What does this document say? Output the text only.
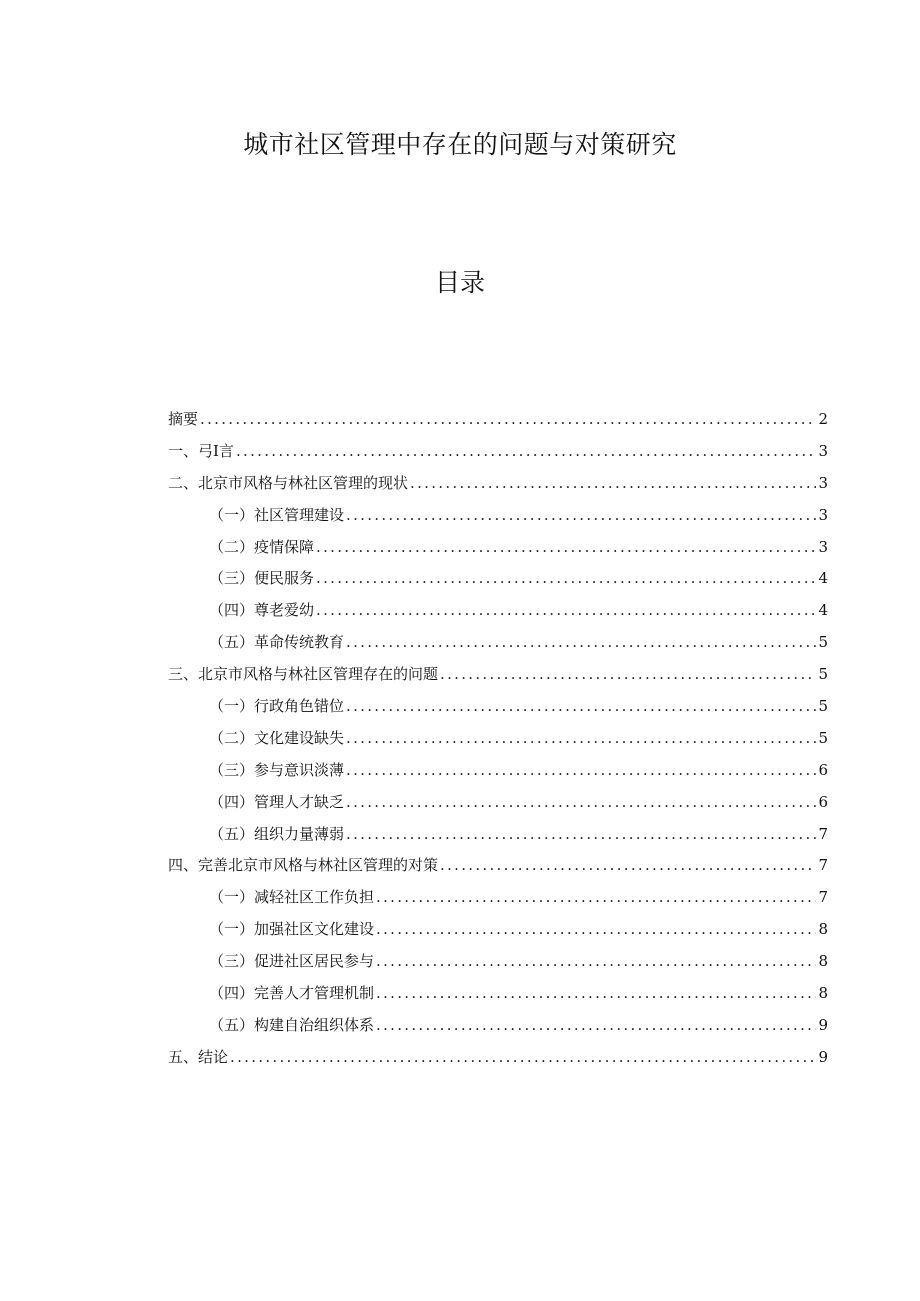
城市社区管理中存在的问题与对策研究
目录
摘要 .....	2
一、弓I言 .....	3
二、北京市风格与林社区管理的现状 .....	3
（一）社区管理建设 .....	3
（二）疫情保障 .....	3
（三）便民服务 .....	4
（四）尊老爱幼 .....	4
（五）革命传统教育 .....	5
三、北京市风格与林社区管理存在的问题 .....	5
（一）行政角色错位 .....	5
（二）文化建设缺失 .....	5
（三）参与意识淡薄 .....	6
（四）管理人才缺乏 .....	6
（五）组织力量薄弱 .....	7
四、完善北京市风格与林社区管理的对策 .....	7
（一）减轻社区工作负担 .....	7
（一）加强社区文化建设 .....	8
（三）促进社区居民参与 .....	8
（四）完善人才管理机制 .....	8
（五）构建自治组织体系 .....	9
五、结论 .....	9
